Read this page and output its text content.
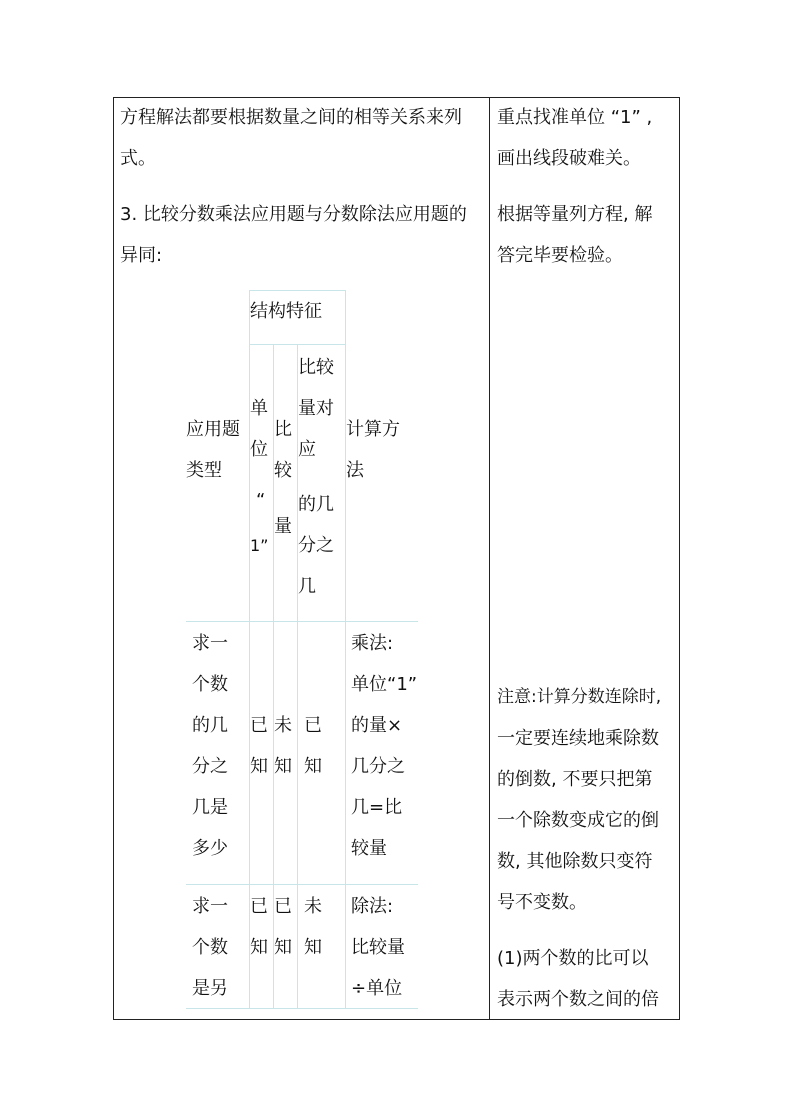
方程解法都要根据数量之间的相等关系来列
式。
3. 比较分数乘法应用题与分数除法应用题的
异同:
结构特征
应用题
类型
单
位
“
1”
比
较
量
比较
量对
应
的几
分之
几
计算方
法
求一
个数
的几
分之
几是
多少
已
知
未
知
已
知
乘法:
单位“1”
的量×
几分之
几=比
较量
求一
个数
是另
已
知
已
知
未
知
除法:
比较量
÷单位
重点找准单位 “1” ,
画出线段破难关。
根据等量列方程, 解
答完毕要检验。
注意:计算分数连除时,
一定要连续地乘除数
的倒数, 不要只把第
一个除数变成它的倒
数, 其他除数只变符
号不变数。
(1)两个数的比可以
表示两个数之间的倍
